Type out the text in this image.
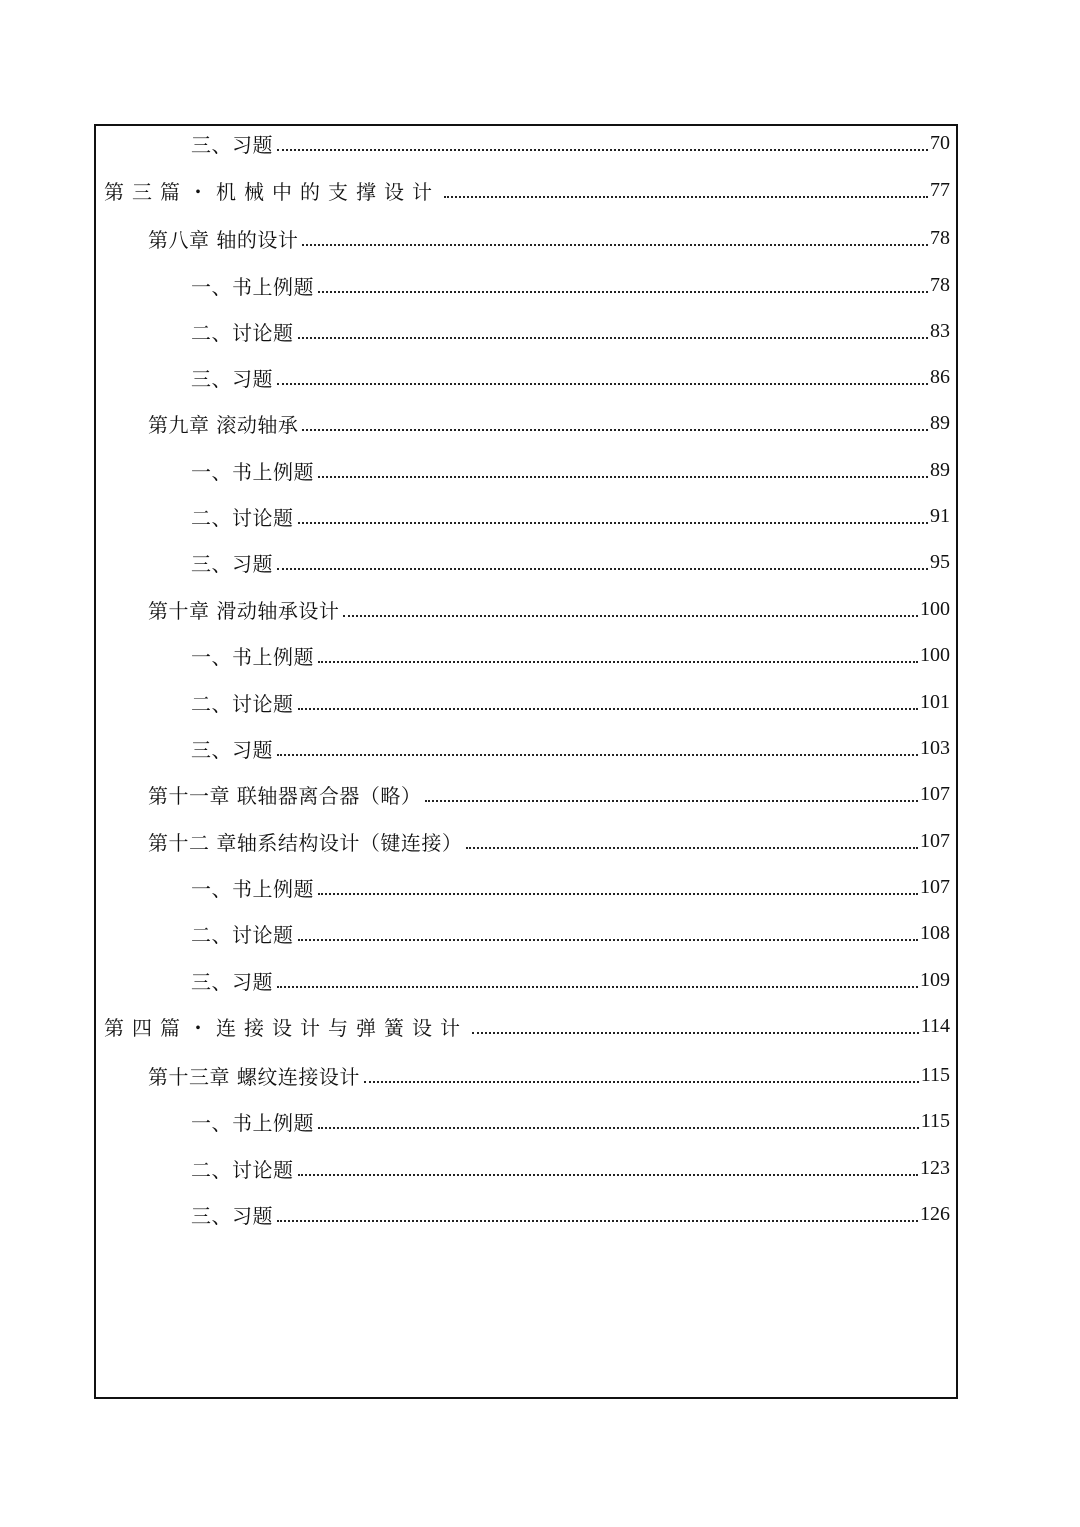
三、习题	70
第三篇・机械中的支撑设计	77
第八章 轴的设计	78
一、书上例题	78
二、讨论题	83
三、习题	86
第九章 滚动轴承	89
一、书上例题	89
二、讨论题	91
三、习题	95
第十章 滑动轴承设计	100
一、书上例题	100
二、讨论题	101
三、习题	103
第十一章 联轴器离合器（略）	107
第十二 章轴系结构设计（键连接）	107
一、书上例题	107
二、讨论题	108
三、习题	109
第四篇・连接设计与弹簧设计	114
第十三章 螺纹连接设计	115
一、书上例题	115
二、讨论题	123
三、习题	126
